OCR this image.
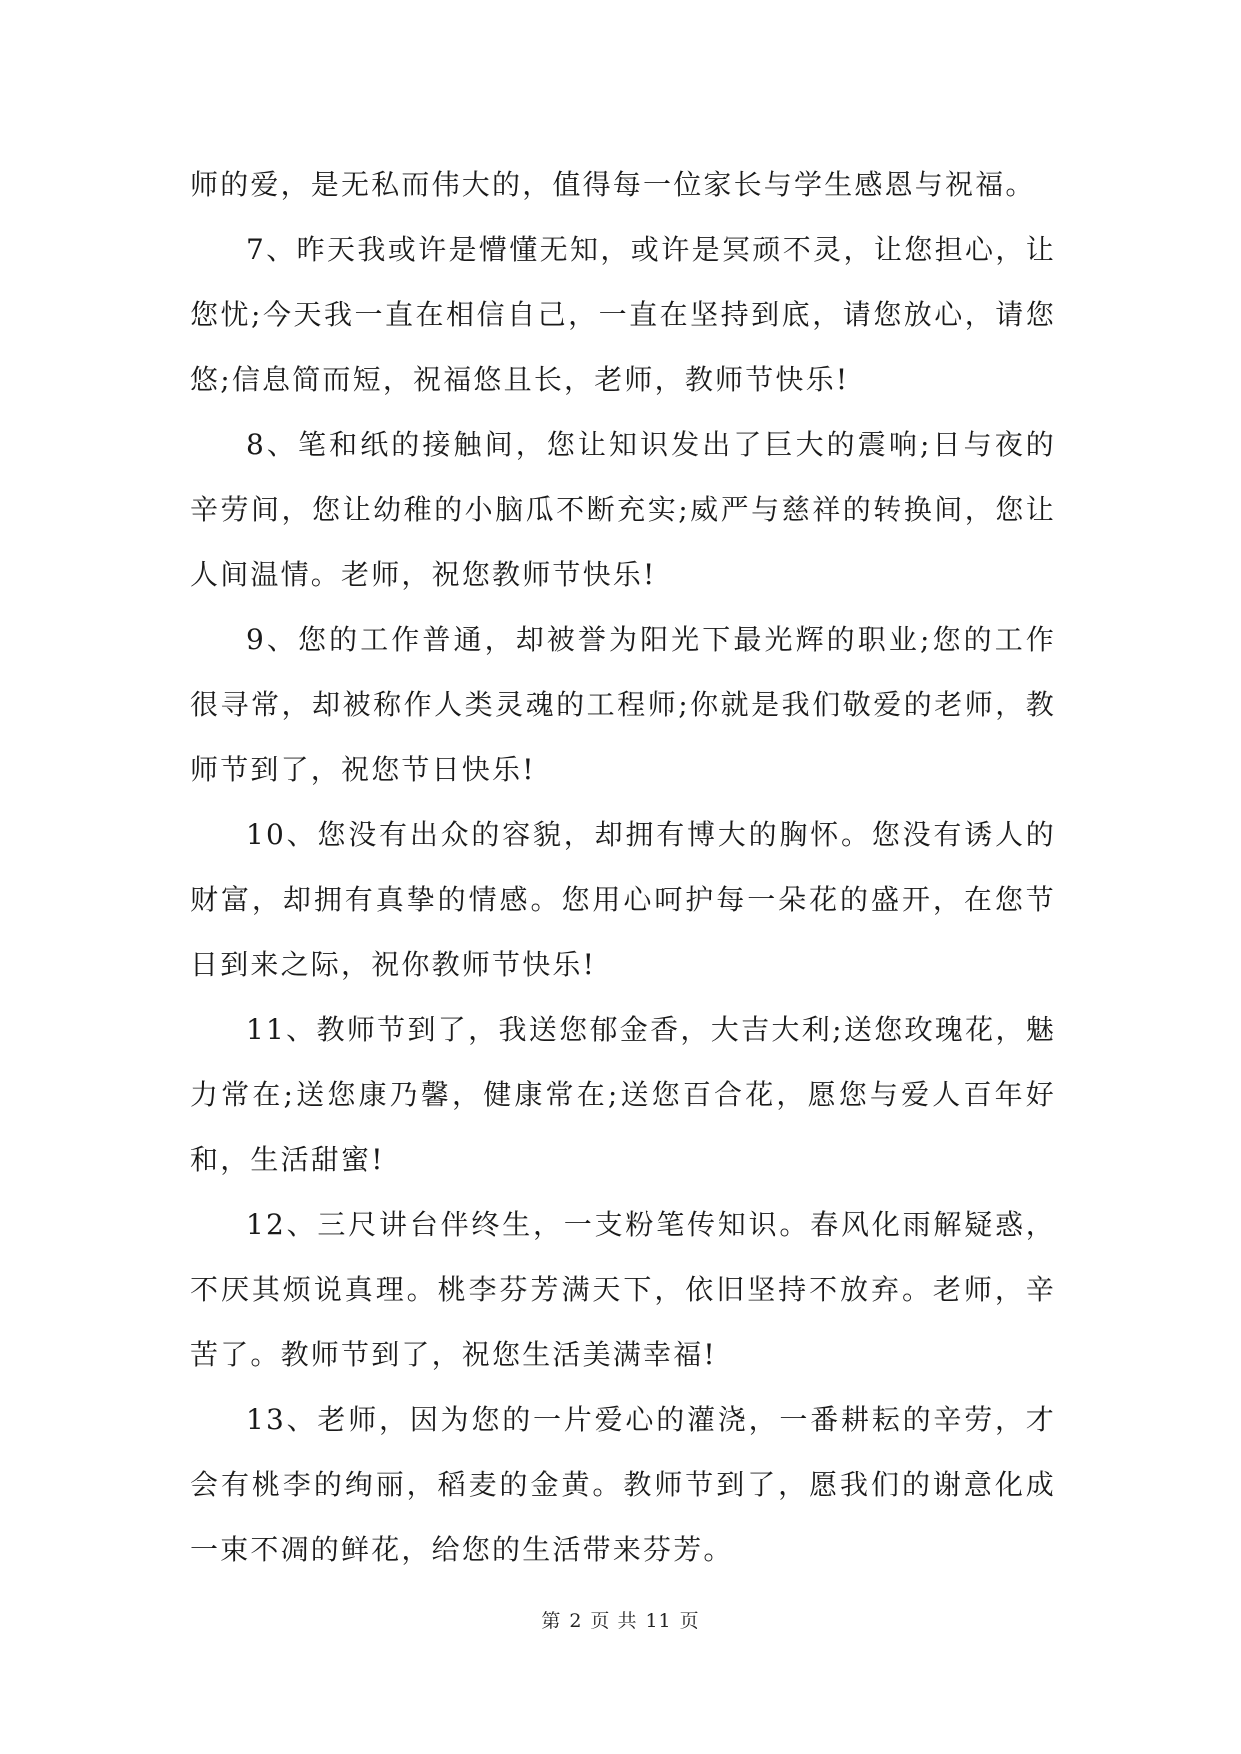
师的爱，是无私而伟大的，值得每一位家长与学生感恩与祝福。

7、昨天我或许是懵懂无知，或许是冥顽不灵，让您担心，让您忧;今天我一直在相信自己，一直在坚持到底，请您放心，请您悠;信息简而短，祝福悠且长，老师，教师节快乐!

8、笔和纸的接触间，您让知识发出了巨大的震响;日与夜的辛劳间，您让幼稚的小脑瓜不断充实;威严与慈祥的转换间，您让人间温情。老师，祝您教师节快乐!

9、您的工作普通，却被誉为阳光下最光辉的职业;您的工作很寻常，却被称作人类灵魂的工程师;你就是我们敬爱的老师，教师节到了，祝您节日快乐!

10、您没有出众的容貌，却拥有博大的胸怀。您没有诱人的财富，却拥有真挚的情感。您用心呵护每一朵花的盛开，在您节日到来之际，祝你教师节快乐!

11、教师节到了，我送您郁金香，大吉大利;送您玫瑰花，魅力常在;送您康乃馨，健康常在;送您百合花，愿您与爱人百年好和，生活甜蜜!

12、三尺讲台伴终生，一支粉笔传知识。春风化雨解疑惑，不厌其烦说真理。桃李芬芳满天下，依旧坚持不放弃。老师，辛苦了。教师节到了，祝您生活美满幸福!

13、老师，因为您的一片爱心的灌浇，一番耕耘的辛劳，才会有桃李的绚丽，稻麦的金黄。教师节到了，愿我们的谢意化成一束不凋的鲜花，给您的生活带来芬芳。

第 2 页 共 11 页
